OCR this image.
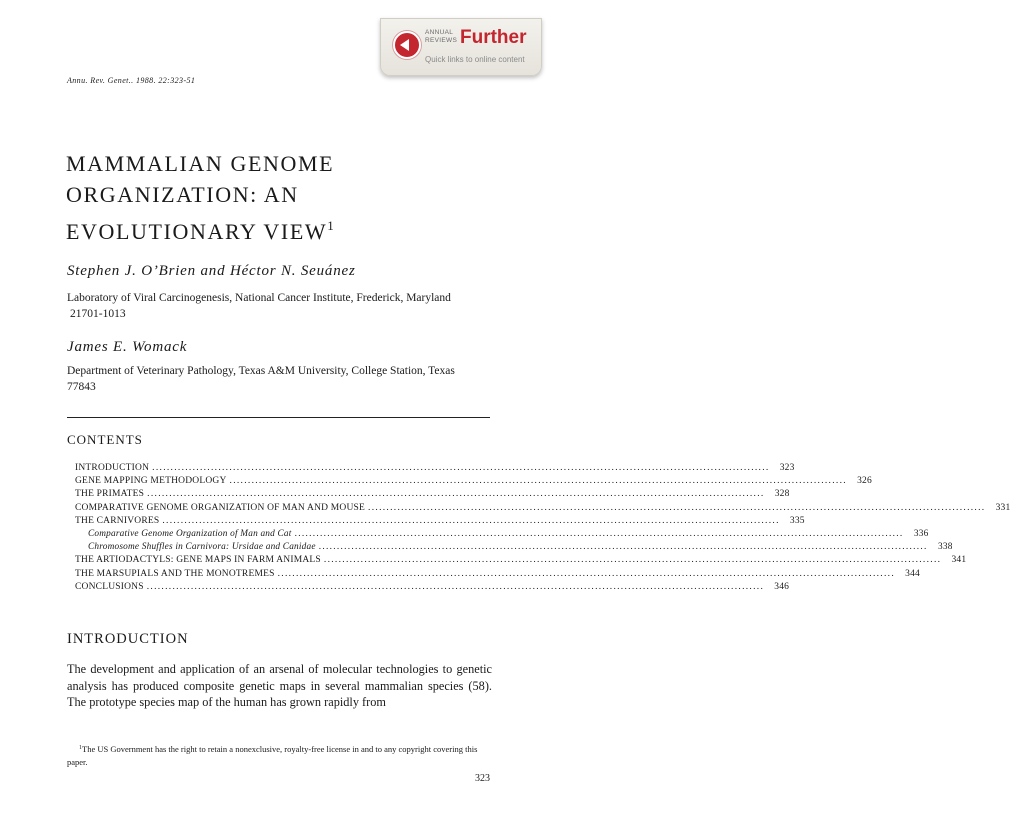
ANNUAL
REVIEWS Further
Quick links to online content
Annu. Rev. Genet.. 1988. 22:323-51
MAMMALIAN GENOME
ORGANIZATION: AN
EVOLUTIONARY VIEW$^1$
Stephen J. O’Brien and Héctor N. Seuánez
Laboratory of Viral Carcinogenesis, National Cancer Institute, Frederick, Maryland
21701-1013
James E. Womack
Department of Veterinary Pathology, Texas A&M University, College Station, Texas
77843
CONTENTS
INTRODUCTION ........................................................................................................................................................................	323
GENE MAPPING METHODOLOGY ........................................................................................................................................................................	326
THE PRIMATES ........................................................................................................................................................................	328
COMPARATIVE GENOME ORGANIZATION OF MAN AND MOUSE ........................................................................................................................................................................	331
THE CARNIVORES ........................................................................................................................................................................	335
Comparative Genome Organization of Man and Cat ........................................................................................................................................................................	336
Chromosome Shuffles in Carnivora: Ursidae and Canidae ........................................................................................................................................................................	338
THE ARTIODACTYLS: GENE MAPS IN FARM ANIMALS ........................................................................................................................................................................	341
THE MARSUPIALS AND THE MONOTREMES ........................................................................................................................................................................	344
CONCLUSIONS ........................................................................................................................................................................	346
INTRODUCTION
The development and application of an arsenal of molecular technologies to genetic analysis has produced composite genetic maps in several mammalian species (58). The prototype species map of the human has grown rapidly from
$^1$The US Government has the right to retain a nonexclusive, royalty-free license in and to any copyright covering this paper.
323
